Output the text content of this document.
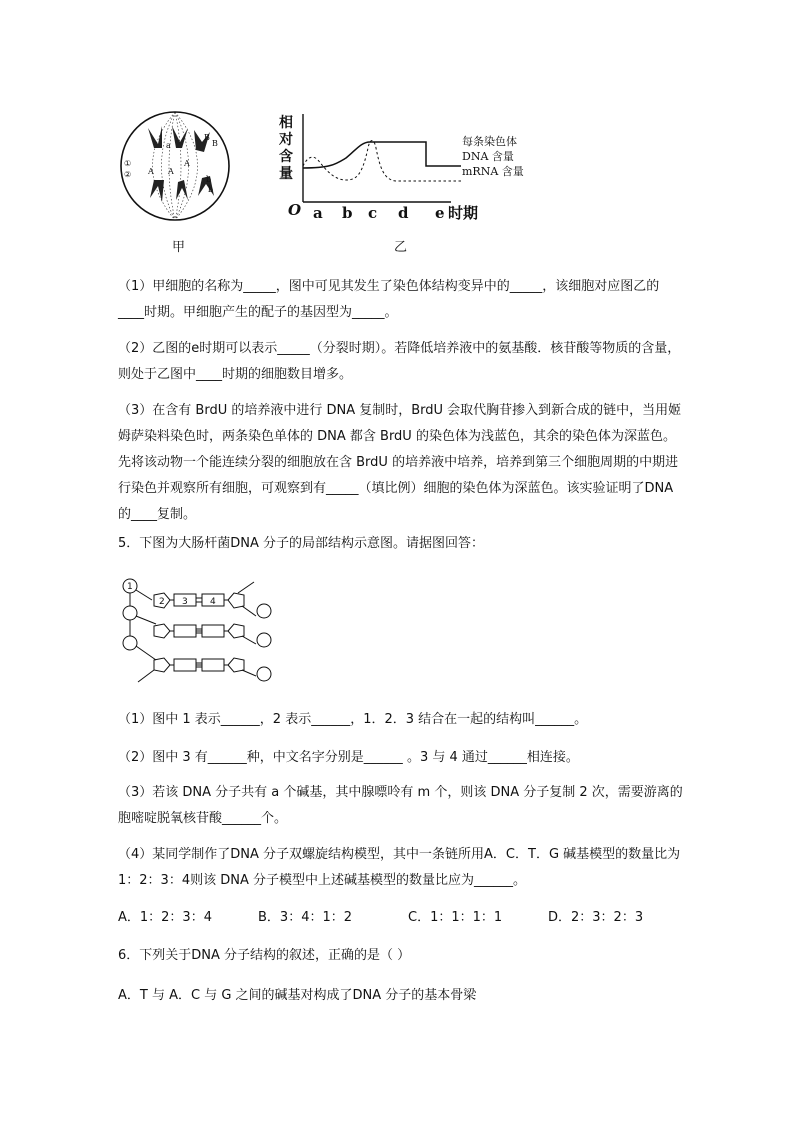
①
②
a
A
A
B
B
b
b
A
甲
相
对
含
量
每条染色体
DNA 含量
mRNA 含量
O a b c d e 时期
乙

（1）甲细胞的名称为_____，图中可见其发生了染色体结构变异中的_____，该细胞对应图乙的____时期。甲细胞产生的配子的基因型为_____。

（2）乙图的e时期可以表示_____（分裂时期）。若降低培养液中的氨基酸．核苷酸等物质的含量，则处于乙图中____时期的细胞数目增多。

（3）在含有 BrdU 的培养液中进行 DNA 复制时，BrdU 会取代胸苷掺入到新合成的链中，当用姬姆萨染料染色时，两条染色单体的 DNA 都含 BrdU 的染色体为浅蓝色，其余的染色体为深蓝色。先将该动物一个能连续分裂的细胞放在含 BrdU 的培养液中培养，培养到第三个细胞周期的中期进行染色并观察所有细胞，可观察到有_____（填比例）细胞的染色体为深蓝色。该实验证明了DNA 的____复制。

5．下图为大肠杆菌DNA 分子的局部结构示意图。请据图回答：

1
2 3 4

（1）图中 1 表示______，2 表示______，1．2．3 结合在一起的结构叫______。

（2）图中 3 有______种，中文名字分别是______ 。3 与 4 通过______相连接。

（3）若该 DNA 分子共有 a 个碱基，其中腺嘌呤有 m 个，则该 DNA 分子复制 2 次，需要游离的胞嘧啶脱氧核苷酸______个。

（4）某同学制作了DNA 分子双螺旋结构模型，其中一条链所用A．C．T．G 碱基模型的数量比为 1：2：3：4则该 DNA 分子模型中上述碱基模型的数量比应为______。

A．1：2：3：4	B．3：4：1：2	C．1：1：1：1	D．2：3：2：3

6．下列关于DNA 分子结构的叙述，正确的是（ ）

A．T 与 A．C 与 G 之间的碱基对构成了DNA 分子的基本骨梁
